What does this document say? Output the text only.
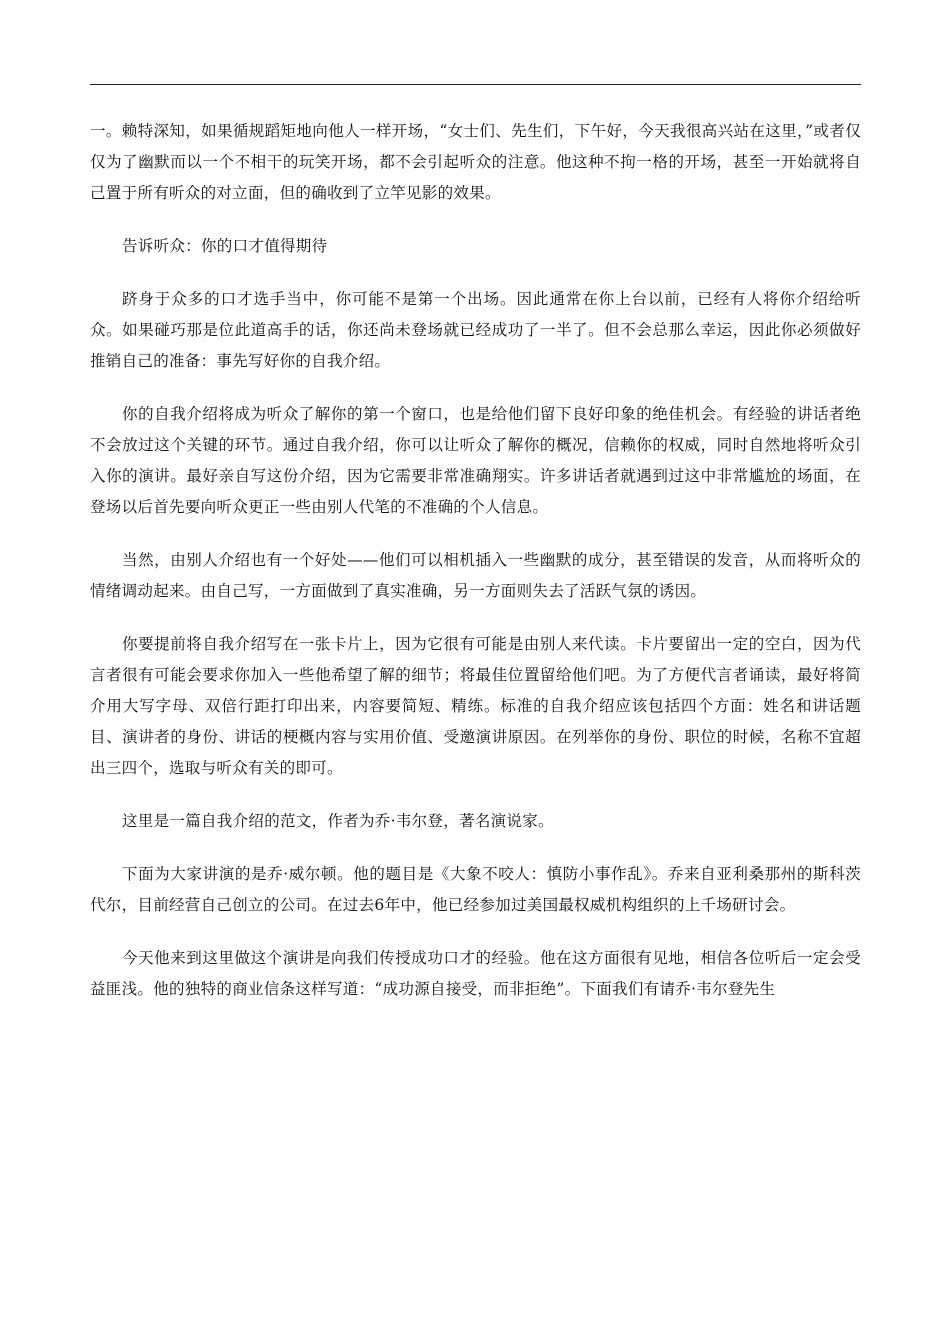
一。赖特深知，如果循规蹈矩地向他人一样开场，“女士们、先生们，下午好，今天我很高兴站在这里，”或者仅仅为了幽默而以一个不相干的玩笑开场，都不会引起听众的注意。他这种不拘一格的开场，甚至一开始就将自己置于所有听众的对立面，但的确收到了立竿见影的效果。

告诉听众：你的口才值得期待

跻身于众多的口才选手当中，你可能不是第一个出场。因此通常在你上台以前，已经有人将你介绍给听众。如果碰巧那是位此道高手的话，你还尚未登场就已经成功了一半了。但不会总那么幸运，因此你必须做好推销自己的准备：事先写好你的自我介绍。

你的自我介绍将成为听众了解你的第一个窗口，也是给他们留下良好印象的绝佳机会。有经验的讲话者绝不会放过这个关键的环节。通过自我介绍，你可以让听众了解你的概况，信赖你的权威，同时自然地将听众引入你的演讲。最好亲自写这份介绍，因为它需要非常准确翔实。许多讲话者就遇到过这中非常尴尬的场面，在登场以后首先要向听众更正一些由别人代笔的不准确的个人信息。

当然，由别人介绍也有一个好处——他们可以相机插入一些幽默的成分，甚至错误的发音，从而将听众的情绪调动起来。由自己写，一方面做到了真实准确，另一方面则失去了活跃气氛的诱因。

你要提前将自我介绍写在一张卡片上，因为它很有可能是由别人来代读。卡片要留出一定的空白，因为代言者很有可能会要求你加入一些他希望了解的细节；将最佳位置留给他们吧。为了方便代言者诵读，最好将简介用大写字母、双倍行距打印出来，内容要简短、精练。标准的自我介绍应该包括四个方面：姓名和讲话题目、演讲者的身份、讲话的梗概内容与实用价值、受邀演讲原因。在列举你的身份、职位的时候，名称不宜超出三四个，选取与听众有关的即可。

这里是一篇自我介绍的范文，作者为乔·韦尔登，著名演说家。

下面为大家讲演的是乔·威尔顿。他的题目是《大象不咬人：慎防小事作乱》。乔来自亚利桑那州的斯科茨代尔，目前经营自己创立的公司。在过去6年中，他已经参加过美国最权威机构组织的上千场研讨会。

今天他来到这里做这个演讲是向我们传授成功口才的经验。他在这方面很有见地，相信各位听后一定会受益匪浅。他的独特的商业信条这样写道：“成功源自接受，而非拒绝”。下面我们有请乔·韦尔登先生
